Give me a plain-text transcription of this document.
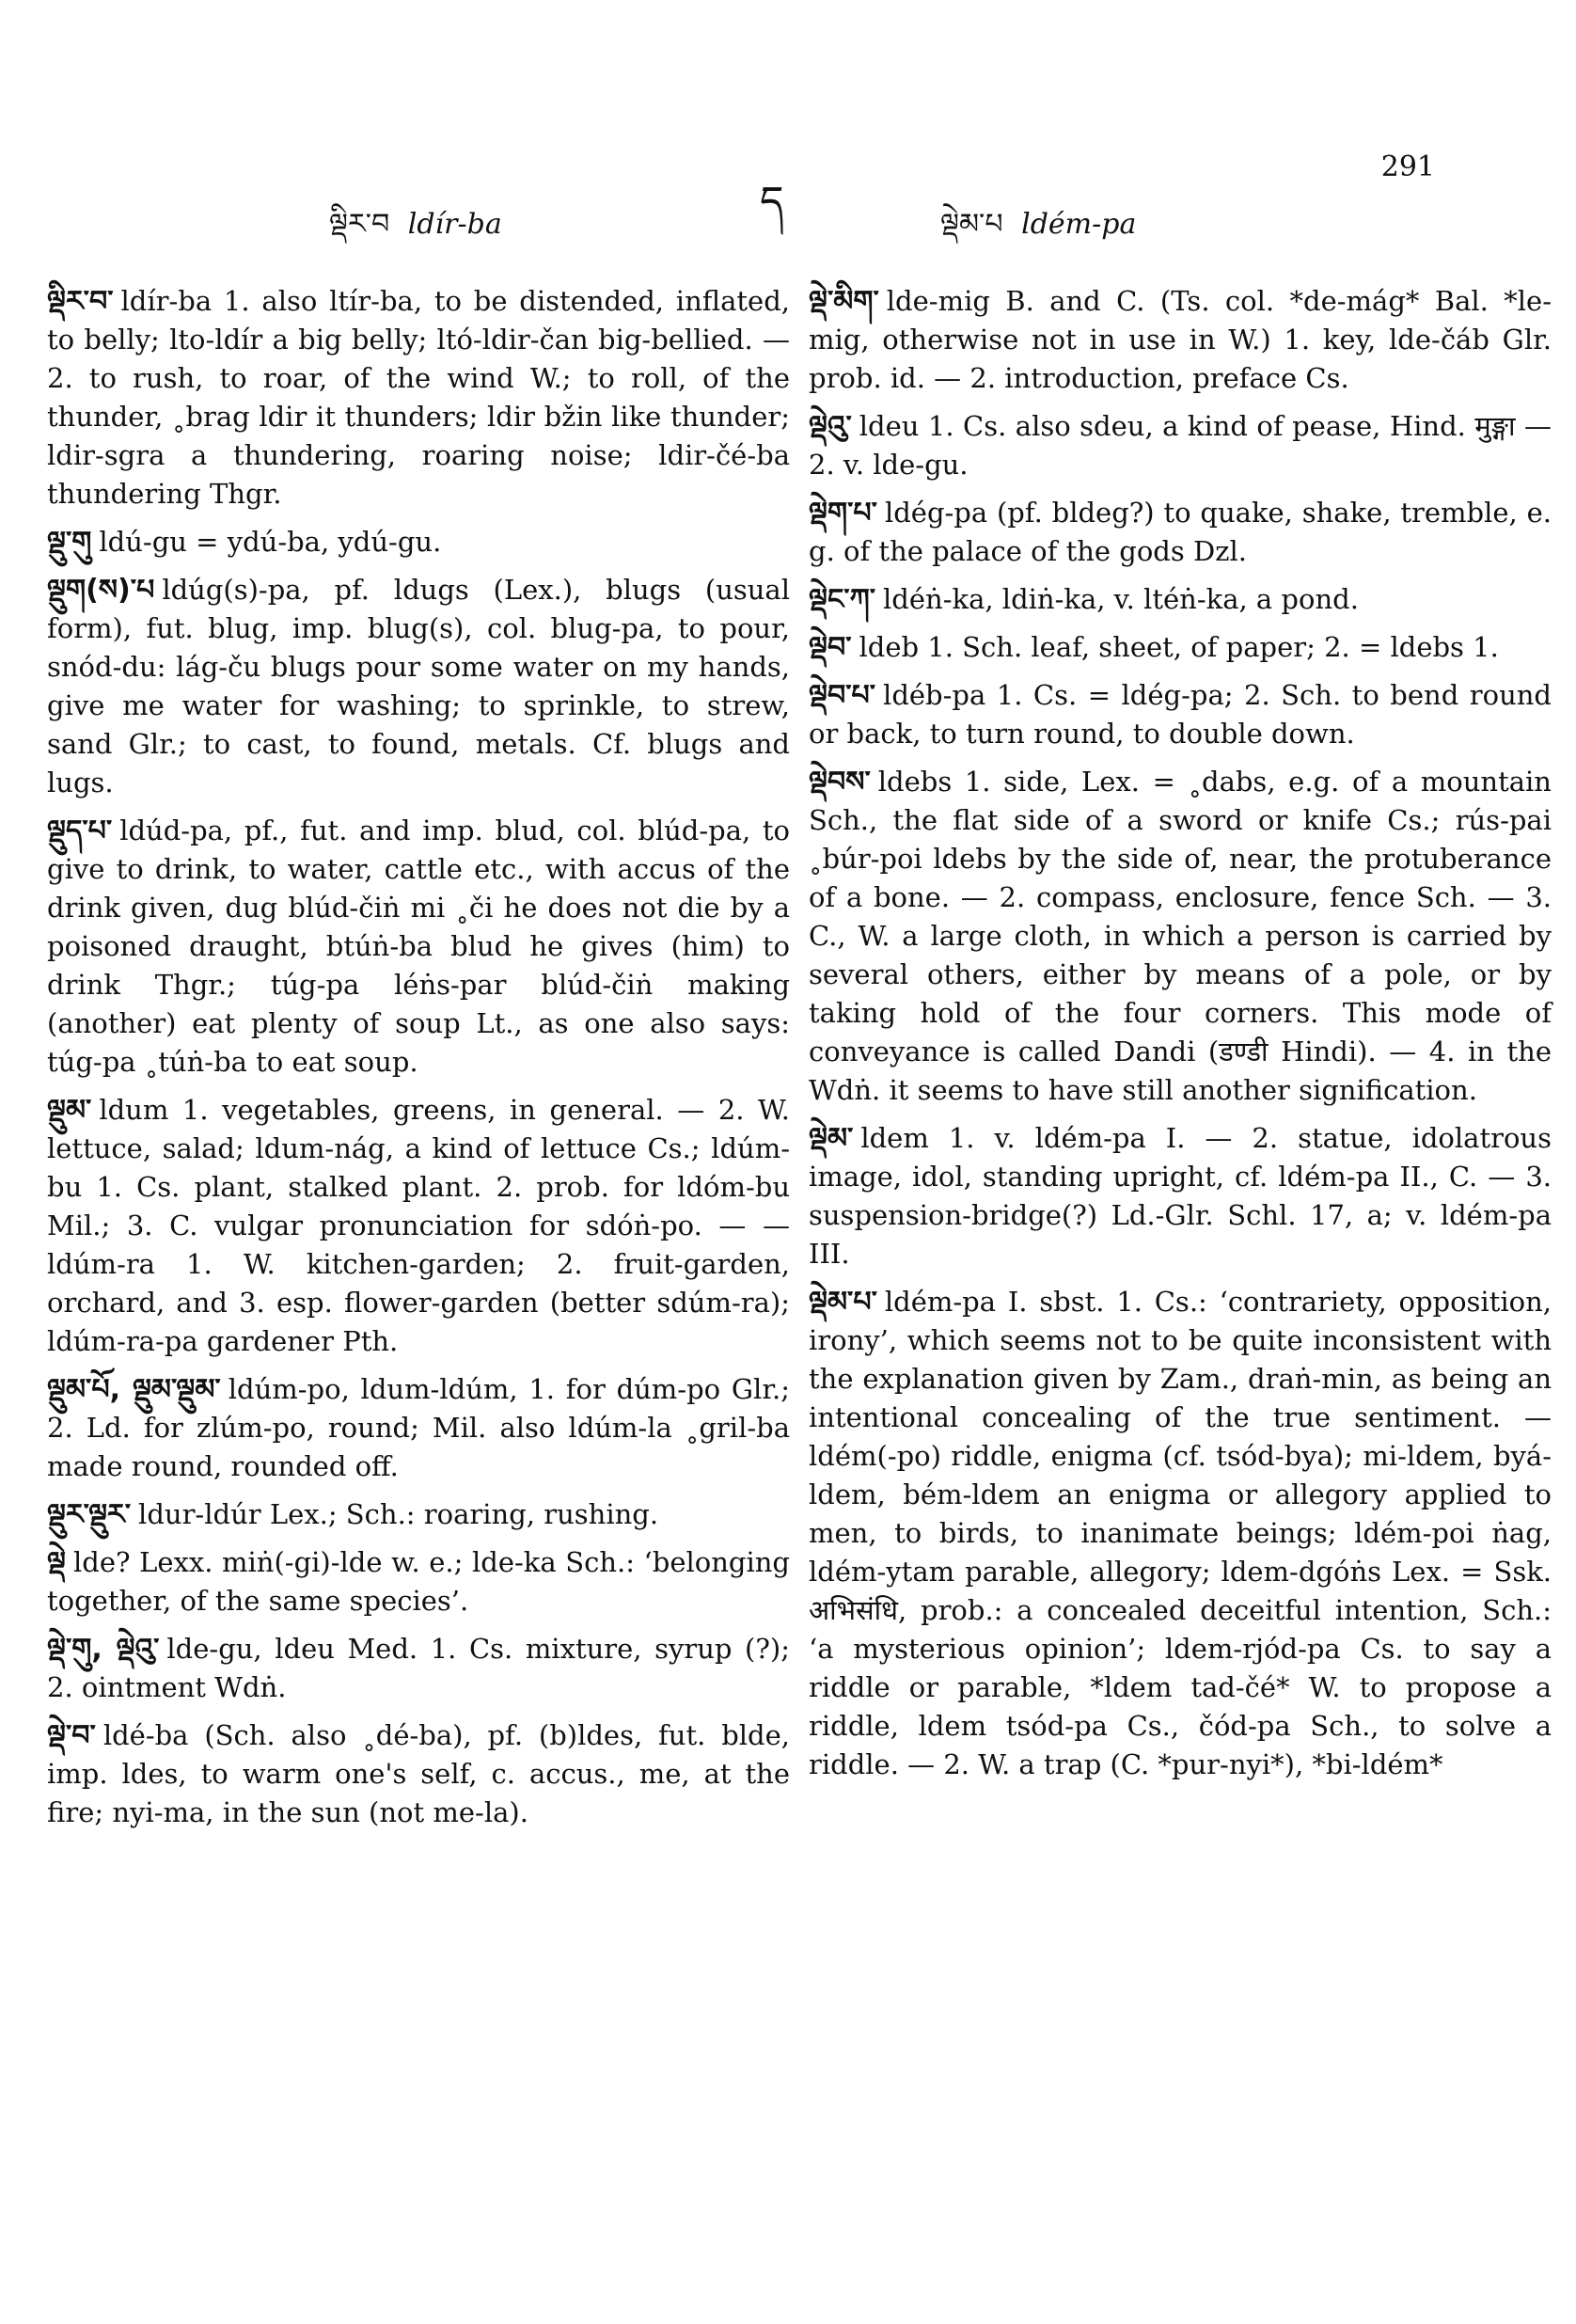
ལྡིར་བ ldír-ba	ད	ལྡེམ་པ ldém-pa
291
ལྡིར་བ་ ldír-ba 1. also ltír-ba, to be distended, inflated, to belly; lto-ldír a big belly; ltó-ldir-čan big-bellied. — 2. to rush, to roar, of the wind W.; to roll, of the thunder, ˳brag ldir it thunders; ldir bžin like thunder; ldir-sgra a thundering, roaring noise; ldir-čé-ba thundering Thgr.
ལྡུ་གུ ldú-gu = ydú-ba, ydú-gu.
ལྡུག(ས)་པ ldúg(s)-pa, pf. ldugs (Lex.), blugs (usual form), fut. blug, imp. blug(s), col. blug-pa, to pour, snód-du: lág-ču blugs pour some water on my hands, give me water for washing; to sprinkle, to strew, sand Glr.; to cast, to found, metals. Cf. blugs and lugs.
ལྡུད་པ་ ldúd-pa, pf., fut. and imp. blud, col. blúd-pa, to give to drink, to water, cattle etc., with accus of the drink given, dug blúd-čiṅ mi ˳či he does not die by a poisoned draught, btúṅ-ba blud he gives (him) to drink Thgr.; túg-pa léṅs-par blúd-čiṅ making (another) eat plenty of soup Lt., as one also says: túg-pa ˳túṅ-ba to eat soup.
ལྡུམ་ ldum 1. vegetables, greens, in general. — 2. W. lettuce, salad; ldum-nág, a kind of lettuce Cs.; ldúm-bu 1. Cs. plant, stalked plant. 2. prob. for ldóm-bu Mil.; 3. C. vulgar pronunciation for sdóṅ-po. — — ldúm-ra 1. W. kitchen-garden; 2. fruit-garden, orchard, and 3. esp. flower-garden (better sdúm-ra); ldúm-ra-pa gardener Pth.
ལྡུམ་པོ, ལྡུམ་ལྡུམ་ ldúm-po, ldum-ldúm, 1. for dúm-po Glr.; 2. Ld. for zlúm-po, round; Mil. also ldúm-la ˳gril-ba made round, rounded off.
ལྡུར་ལྡུར་ ldur-ldúr Lex.; Sch.: roaring, rushing.
ལྡེ lde? Lexx. miṅ(-gi)-lde w. e.; lde-ka Sch.: ‘belonging together, of the same species’.
ལྡེ་གུ, ལྡེའུ་ lde-gu, ldeu Med. 1. Cs. mixture, syrup (?); 2. ointment Wdṅ.
ལྡེ་བ་ ldé-ba (Sch. also ˳dé-ba), pf. (b)ldes, fut. blde, imp. ldes, to warm one's self, c. accus., me, at the fire; nyi-ma, in the sun (not me-la).
ལྡེ་མིག་ lde-mig B. and C. (Ts. col. *de-mág* Bal. *le-mig, otherwise not in use in W.) 1. key, lde-čáb Glr. prob. id. — 2. introduction, preface Cs.
ལྡེའུ་ ldeu 1. Cs. also sdeu, a kind of pease, Hind. मुङ्गा — 2. v. lde-gu.
ལྡེག་པ་ ldég-pa (pf. bldeg?) to quake, shake, tremble, e. g. of the palace of the gods Dzl.
ལྡེང་ཀ་ ldéṅ-ka, ldiṅ-ka, v. ltéṅ-ka, a pond.
ལྡེབ་ ldeb 1. Sch. leaf, sheet, of paper; 2. = ldebs 1.
ལྡེབ་པ་ ldéb-pa 1. Cs. = ldég-pa; 2. Sch. to bend round or back, to turn round, to double down.
ལྡེབས་ ldebs 1. side, Lex. = ˳dabs, e.g. of a mountain Sch., the flat side of a sword or knife Cs.; rús-pai ˳búr-poi ldebs by the side of, near, the protuberance of a bone. — 2. compass, enclosure, fence Sch. — 3. C., W. a large cloth, in which a person is carried by several others, either by means of a pole, or by taking hold of the four corners. This mode of conveyance is called Dandi (डण्डी Hindi). — 4. in the Wdṅ. it seems to have still another signification.
ལྡེམ་ ldem 1. v. ldém-pa I. — 2. statue, idolatrous image, idol, standing upright, cf. ldém-pa II., C. — 3. suspension-bridge(?) Ld.-Glr. Schl. 17, a; v. ldém-pa III.
ལྡེམ་པ་ ldém-pa I. sbst. 1. Cs.: ‘contrariety, opposition, irony’, which seems not to be quite inconsistent with the explanation given by Zam., draṅ-min, as being an intentional concealing of the true sentiment. — ldém(-po) riddle, enigma (cf. tsód-bya); mi-ldem, byá-ldem, bém-ldem an enigma or allegory applied to men, to birds, to inanimate beings; ldém-poi ṅag, ldém-ytam parable, allegory; ldem-dgóṅs Lex. = Ssk. अभिसंधि, prob.: a concealed deceitful intention, Sch.: ‘a mysterious opinion’; ldem-rjód-pa Cs. to say a riddle or parable, *ldem tad-čé* W. to propose a riddle, ldem tsód-pa Cs., čód-pa Sch., to solve a riddle. — 2. W. a trap (C. *pur-nyi*), *bi-ldém*
